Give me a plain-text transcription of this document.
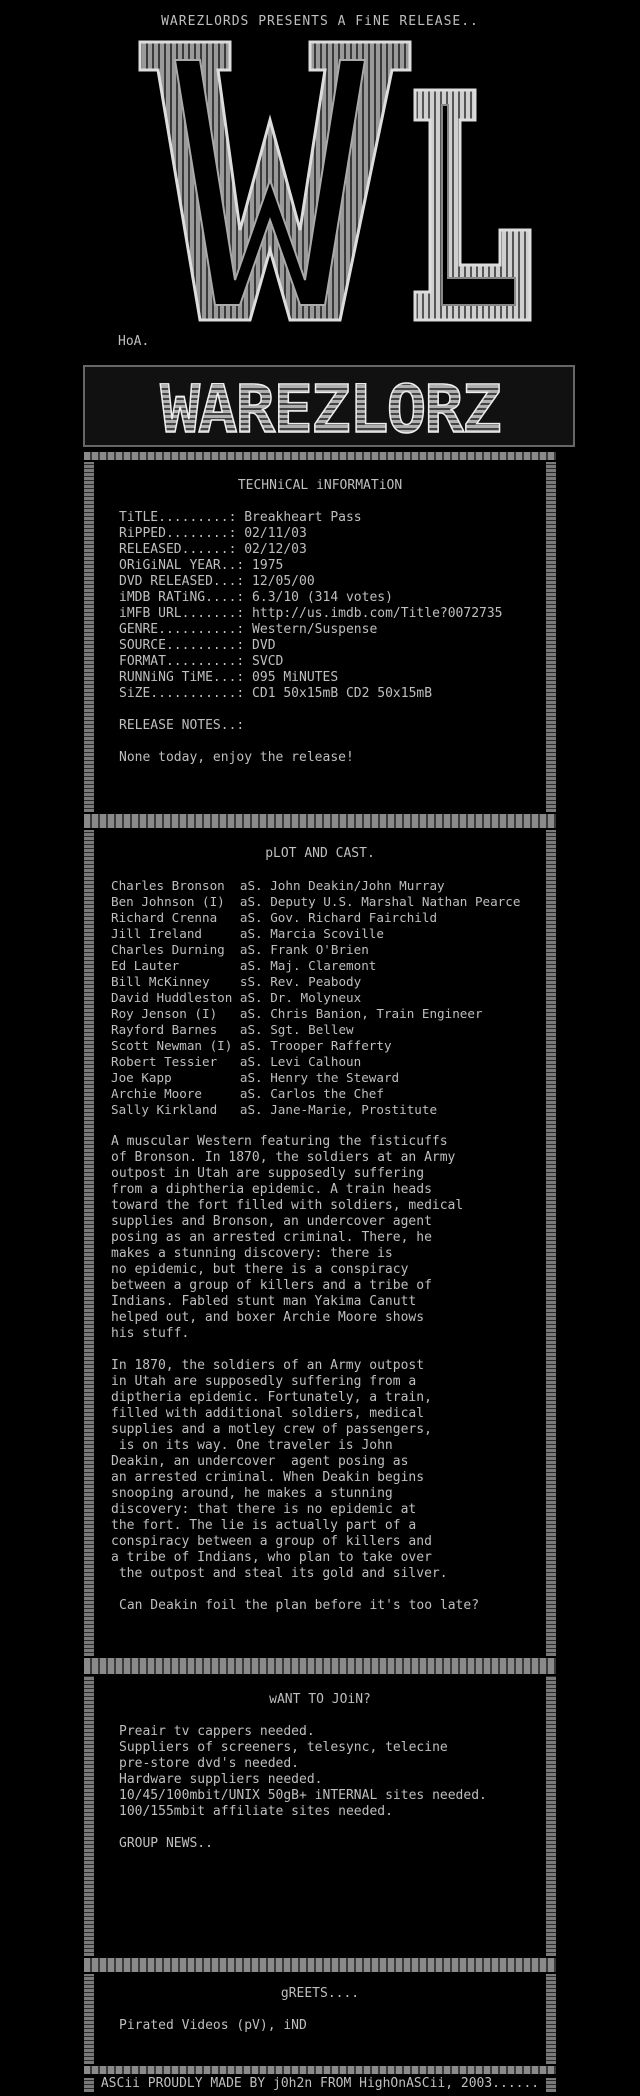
WAREZLORDS PRESENTS A FiNE RELEASE..
HoA.
WAREZLORZ
TECHNiCAL iNFORMATiON
TiTLE.........: Breakheart Pass
RiPPED........: 02/11/03
RELEASED......: 02/12/03
ORiGiNAL YEAR..: 1975
DVD RELEASED...: 12/05/00
iMDB RATiNG....: 6.3/10 (314 votes)
iMFB URL.......: http://us.imdb.com/Title?0072735
GENRE..........: Western/Suspense
SOURCE.........: DVD
FORMAT.........: SVCD
RUNNiNG TiME...: 095 MiNUTES
SiZE...........: CD1 50x15mB CD2 50x15mB
RELEASE NOTES..:
None today, enjoy the release!
pLOT AND CAST.
Charles Bronson  aS. John Deakin/John Murray
Ben Johnson (I)  aS. Deputy U.S. Marshal Nathan Pearce
Richard Crenna   aS. Gov. Richard Fairchild
Jill Ireland     aS. Marcia Scoville
Charles Durning  aS. Frank O'Brien
Ed Lauter        aS. Maj. Claremont
Bill McKinney    sS. Rev. Peabody
David Huddleston aS. Dr. Molyneux
Roy Jenson (I)   aS. Chris Banion, Train Engineer
Rayford Barnes   aS. Sgt. Bellew
Scott Newman (I) aS. Trooper Rafferty
Robert Tessier   aS. Levi Calhoun
Joe Kapp         aS. Henry the Steward
Archie Moore     aS. Carlos the Chef
Sally Kirkland   aS. Jane-Marie, Prostitute
A muscular Western featuring the fisticuffs
of Bronson. In 1870, the soldiers at an Army
outpost in Utah are supposedly suffering
from a diphtheria epidemic. A train heads
toward the fort filled with soldiers, medical
supplies and Bronson, an undercover agent
posing as an arrested criminal. There, he
makes a stunning discovery: there is
no epidemic, but there is a conspiracy
between a group of killers and a tribe of
Indians. Fabled stunt man Yakima Canutt
helped out, and boxer Archie Moore shows
his stuff.
In 1870, the soldiers of an Army outpost
in Utah are supposedly suffering from a
diptheria epidemic. Fortunately, a train,
filled with additional soldiers, medical
supplies and a motley crew of passengers,
is on its way. One traveler is John
Deakin, an undercover  agent posing as
an arrested criminal. When Deakin begins
snooping around, he makes a stunning
discovery: that there is no epidemic at
the fort. The lie is actually part of a
conspiracy between a group of killers and
a tribe of Indians, who plan to take over
the outpost and steal its gold and silver.
Can Deakin foil the plan before it's too late?
wANT TO JOiN?
Preair tv cappers needed.
Suppliers of screeners, telesync, telecine
pre-store dvd's needed.
Hardware suppliers needed.
10/45/100mbit/UNIX 50gB+ iNTERNAL sites needed.
100/155mbit affiliate sites needed.
GROUP NEWS..
gREETS....
Pirated Videos (pV), iND
ASCii PROUDLY MADE BY j0h2n FROM HighOnASCii, 2003......
